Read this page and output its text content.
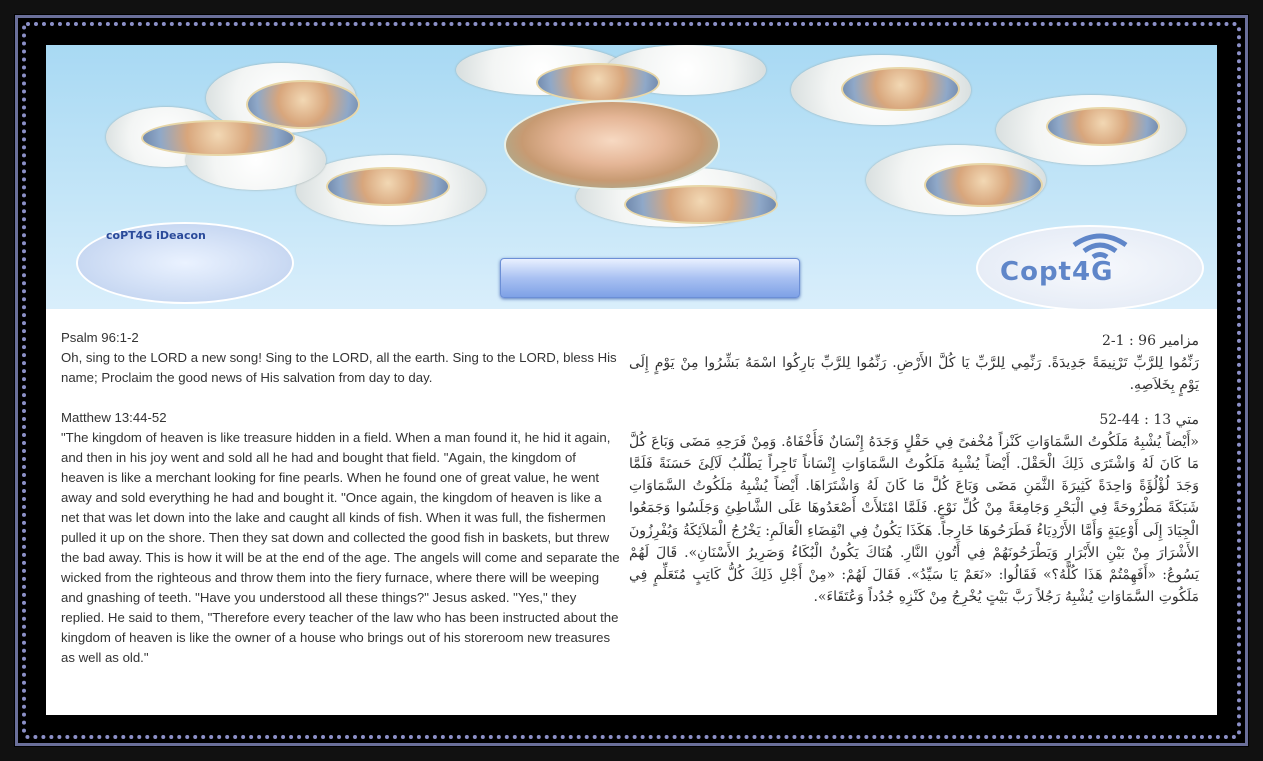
coPT4G iDeacon
Copt4G
Psalm 96:1-2
Oh, sing to the LORD a new song! Sing to the LORD, all the earth. Sing to the LORD, bless His name; Proclaim the good news of His salvation from day to day.
Matthew 13:44-52
"The kingdom of heaven is like treasure hidden in a field. When a man found it, he hid it again, and then in his joy went and sold all he had and bought that field. "Again, the kingdom of heaven is like a merchant looking for fine pearls. When he found one of great value, he went away and sold everything he had and bought it. "Once again, the kingdom of heaven is like a net that was let down into the lake and caught all kinds of fish. When it was full, the fishermen pulled it up on the shore. Then they sat down and collected the good fish in baskets, but threw the bad away. This is how it will be at the end of the age. The angels will come and separate the wicked from the righteous and throw them into the fiery furnace, where there will be weeping and gnashing of teeth. "Have you understood all these things?" Jesus asked. "Yes," they replied. He said to them, "Therefore every teacher of the law who has been instructed about the kingdom of heaven is like the owner of a house who brings out of his storeroom new treasures as well as old."
مزامير 96 : 1-2
رَنِّمُوا لِلرَّبِّ تَرْنِيمَةً جَدِيدَةً. رَنِّمِي لِلرَّبِّ يَا كُلَّ الأَرْضِ. رَنِّمُوا لِلرَّبِّ بَارِكُوا اسْمَهُ بَشِّرُوا مِنْ يَوْمٍ إِلَى يَوْمٍ بِخَلاَصِهِ.
متي 13 : 44-52
«أَيْضاً يُشْبِهُ مَلَكُوتُ السَّمَاوَاتِ كَنْزاً مُخْفىً فِي حَقْلٍ وَجَدَهُ إِنْسَانٌ فَأَخْفَاهُ. وَمِنْ فَرَحِهِ مَضَى وَبَاعَ كُلَّ مَا كَانَ لَهُ وَاشْتَرَى ذَلِكَ الْحَقْلَ. أَيْضاً يُشْبِهُ مَلَكُوتُ السَّمَاوَاتِ إِنْسَاناً تَاجِراً يَطْلُبُ لَآلِئَ حَسَنَةً فَلَمَّا وَجَدَ لُؤْلُؤَةً وَاحِدَةً كَثِيرَةَ الثَّمَنِ مَضَى وَبَاعَ كُلَّ مَا كَانَ لَهُ وَاشْتَرَاهَا. أَيْضاً يُشْبِهُ مَلَكُوتُ السَّمَاوَاتِ شَبَكَةً مَطْرُوحَةً فِي الْبَحْرِ وَجَامِعَةً مِنْ كُلِّ نَوْعٍ. فَلَمَّا امْتَلأَتْ أَصْعَدُوهَا عَلَى الشَّاطِئِ وَجَلَسُوا وَجَمَعُوا الْجِيَادَ إِلَى أَوْعِيَةٍ وَأَمَّا الأَرْدِيَاءُ فَطَرَحُوهَا خَارِجاً. هَكَذَا يَكُونُ فِي انْقِضَاءِ الْعَالَمِ: يَخْرُجُ الْمَلاَئِكَةُ وَيُفْرِزُونَ الأَشْرَارَ مِنْ بَيْنِ الأَبْرَارِ وَيَطْرَحُونَهُمْ فِي أَتُونِ النَّارِ. هُنَاكَ يَكُونُ الْبُكَاءُ وَصَرِيرُ الأَسْنَانِ». قَالَ لَهُمْ يَسُوعُ: «أَفَهِمْتُمْ هَذَا كُلَّهُ؟» فَقَالُوا: «نَعَمْ يَا سَيِّدُ». فَقَالَ لَهُمْ: «مِنْ أَجْلِ ذَلِكَ كُلُّ كَاتِبٍ مُتَعَلِّمٍ فِي مَلَكُوتِ السَّمَاوَاتِ يُشْبِهُ رَجُلاً رَبَّ بَيْتٍ يُخْرِجُ مِنْ كَنْزِهِ جُدُداً وَعُتَقَاءَ».
